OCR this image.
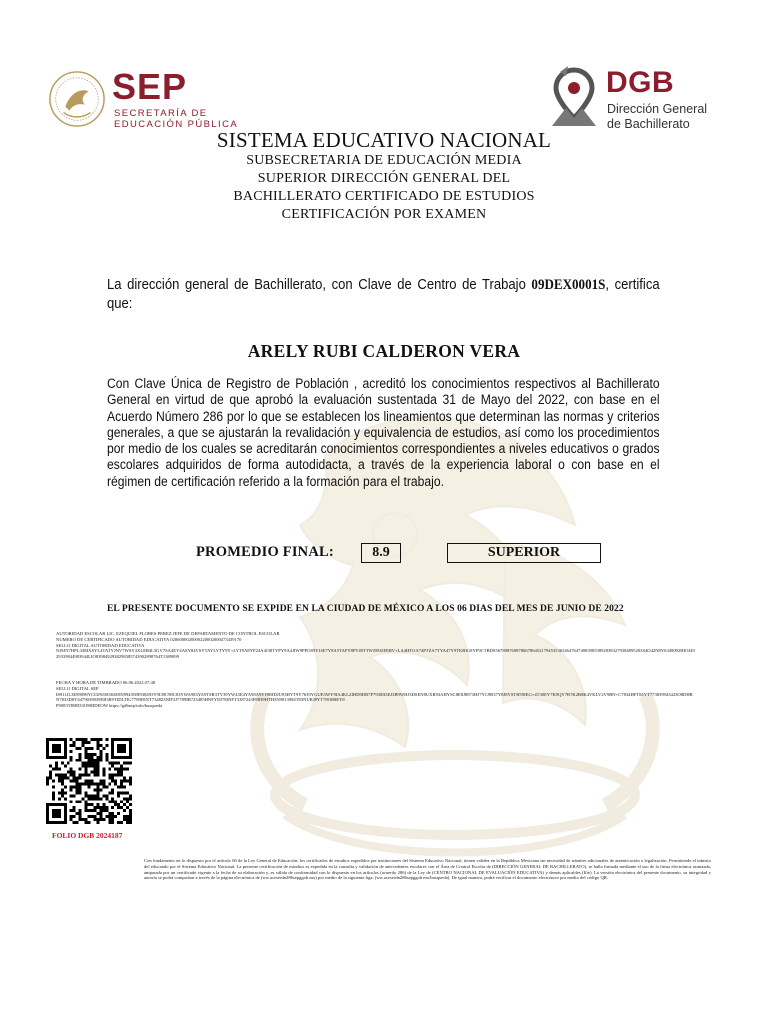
SEP
SECRETARÍA DE
EDUCACIÓN PÚBLICA
DGB
Dirección General
de Bachillerato
SISTEMA EDUCATIVO NACIONAL
SUBSECRETARIA DE EDUCACIÓN MEDIA
SUPERIOR DIRECCIÓN GENERAL DEL
BACHILLERATO CERTIFICADO DE ESTUDIOS
CERTIFICACIÓN POR EXAMEN
La dirección general de Bachillerato, con Clave de Centro de Trabajo 09DEX0001S, certifica que:
ARELY RUBI CALDERON VERA
Con Clave Única de Registro de Población , acreditó los conocimientos respectivos al Bachillerato General en virtud de que aprobó la evaluación sustentada 31 de Mayo del 2022, con base en el Acuerdo Número 286 por lo que se establecen los lineamientos que determinan las normas y criterios generales, a que se ajustarán la revalidación y equivalencia de estudios, así como los procedimientos por medio de los cuales se acreditarán conocimientos correspondientes a niveles educativos o grados escolares adquiridos de forma autodidacta, a través de la experiencia laboral o con base en el régimen de certificación referido a la formación para el trabajo.
PROMEDIO FINAL:	8.9	SUPERIOR
EL PRESENTE DOCUMENTO SE EXPIDE EN LA CIUDAD DE MÉXICO A LOS 06 DIAS DEL MES DE JUNIO DE 2022
AUTORIDAD ESCOLAR LIC. EZEQUIEL FLORES PEREZ JEFE DE DEPARTAMENTO DE CONTROL ESCOLAR
NUMERO DE CERTIFICADO AUTORIDAD EDUCATIVA 0206000020000220002000473439170
SELLO DIGITAL AUTORIDAD EDUCATIVA
NJ9JN7HPL34MXSYL4TATYJNV7WSY3XL8H4L3GV7SA4EY4ASY84VSYTAYLYTY9Y+LYT9A8YP24A4J38TYPY9A4JIW9PPOS9YJ4E7Y8A5TAFY8PT49TTWJ09J2EERV+LA4HTOA74PTZA7TYA47Y9TKBIG8YF9CTBDS5678987698786678645217945353654647647408398538928383279384895203S4O42N8Y6349092HIOJ4929339844983944LIO8398492938298385743902898764T1389899
FECHA Y HORA DE TIMBRADO 06.06.2022 07:48
SELLO DIGITAL SEP
I8911JL3E89098YCI3J9J38363E8N9943NH938493Y9I39C98C83YWA983YA9TSR3TY39YW43E4YA98A9YH8HDJU93HYT9Y7639YGUE3WY9IA4KL2IHD9DR7P7930II3EJ3B9WHJ3DSEN8UXR93AHYSC8E8J8873HJ7YC9B37Y8J8VSTH59IEG+4T30EY7K9QY7R7K2R8K4VKLV2V9BN+C7834HFT84YT773839943423O8DHRN7833D8Y4479039839EB3R9TIDLTIG7789DINT734823NIF3J7789IB723485HNFYDI78INFT3387243F8839HTH3N9813984T83NURJ8YT78O0REY8
P9083TI8HI33O9HIDEOW https://gdbsep/info/busqueda
FOLIO DGB 2024187
Con fundamento en lo dispuesto por el artículo 60 de la Ley General de Educación, los certificados de estudios expedidos por instituciones del Sistema Educativo Nacional, tienen validez en la República Mexicana sin necesidad de trámites adicionales de autenticación o legalización. Permitiendo el tránsito del educando por el Sistema Educativo Nacional. La presente certificación de estudios es expedida en la consulta y validación de antecedentes escolares con el Área de Control Escolar de (DIRECCIÓN GENERAL DE BACHILLERATO), se halla firmada mediante el uso de la firma electrónica avanzada, amparada por un certificado vigente a la fecha de su elaboración y, es válida de conformidad con lo dispuesto en los artículos (acuerdo 286) de la Ley de (CENTRO NACIONAL DE EVALUACIÓN EDUCATIVA) y demás aplicables (Ifie). La versión electrónica del presente documento, su integridad y autoría se podrá comprobar a través de la página electrónica de (ww.aceserdn286sepggob.mx) por medio de la siguiente liga: (ww.aceserdn286sepggob.mx/busqueda). De igual manera, podrá verificar el documento electrónico por medio del código QR.
